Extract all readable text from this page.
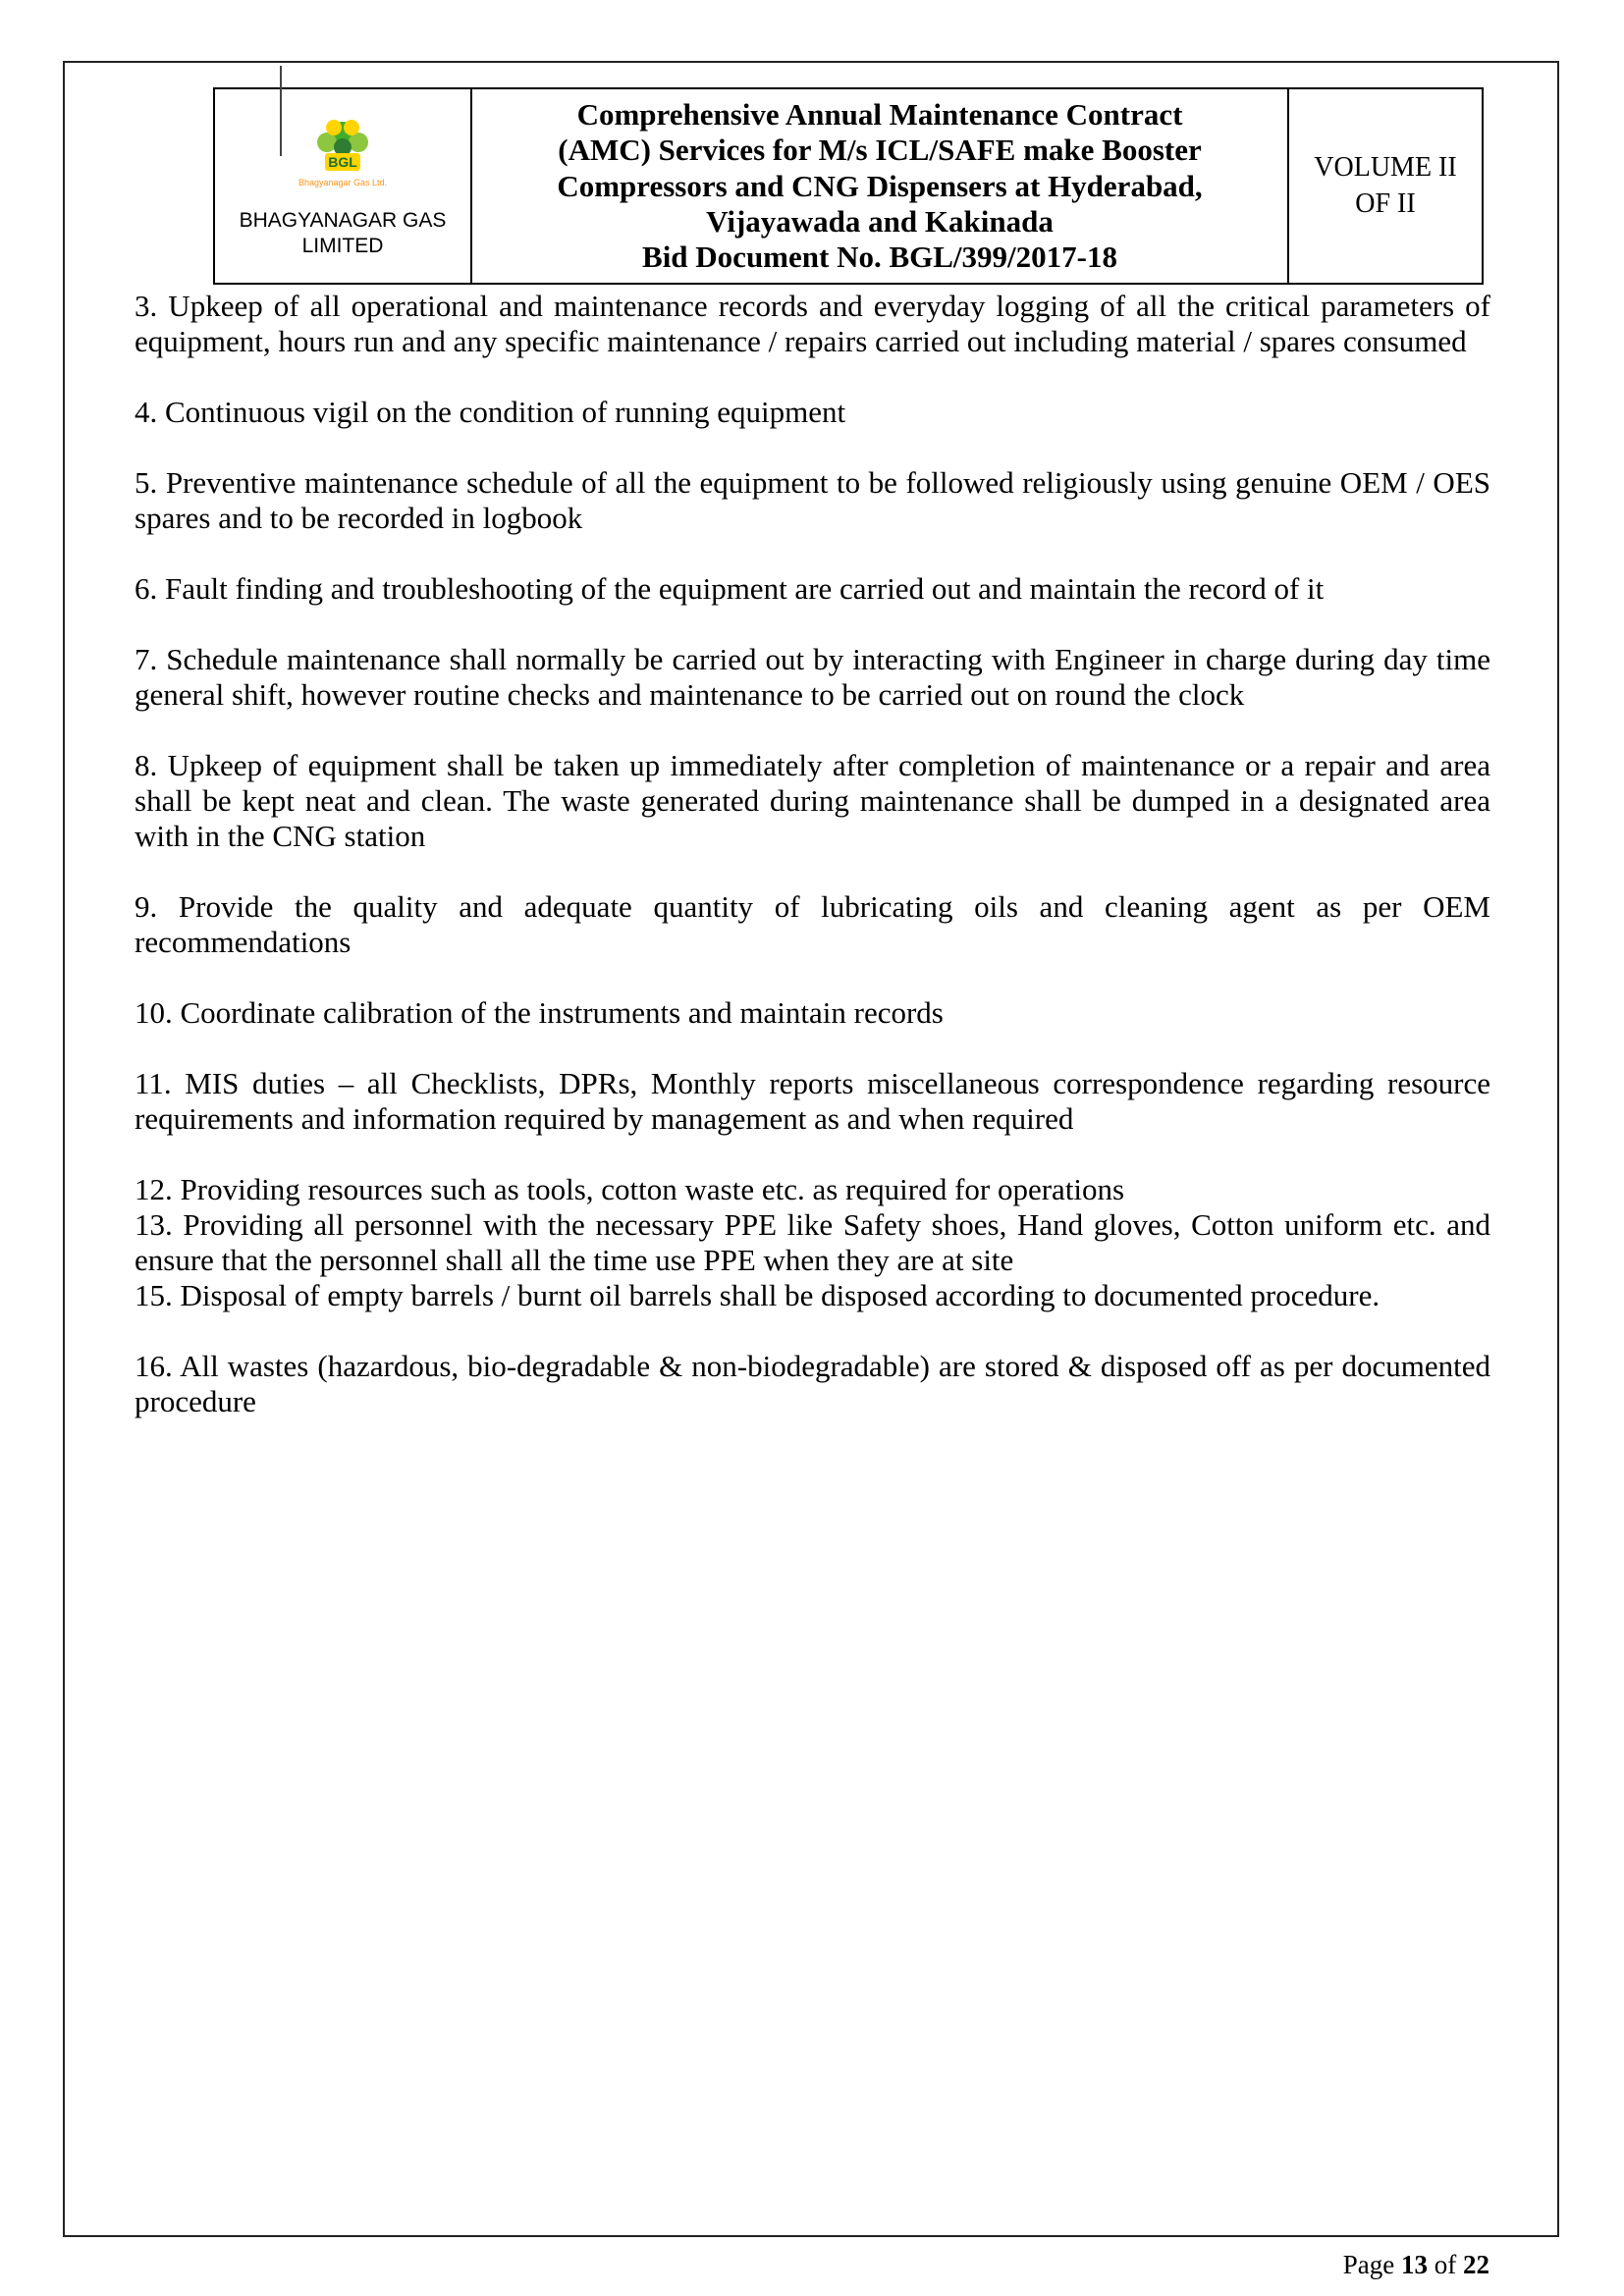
BGL
Bhagyanagar Gas Ltd.
BHAGYANAGAR GAS
LIMITED

Comprehensive Annual Maintenance Contract
(AMC) Services for M/s ICL/SAFE make Booster
Compressors and CNG Dispensers at Hyderabad,
Vijayawada and Kakinada
Bid Document No. BGL/399/2017-18

VOLUME II
OF II

3. Upkeep of all operational and maintenance records and everyday logging of all the critical parameters of equipment, hours run and any specific maintenance / repairs carried out including material / spares consumed

4. Continuous vigil on the condition of running equipment

5. Preventive maintenance schedule of all the equipment to be followed religiously using genuine OEM / OES spares and to be recorded in logbook

6. Fault finding and troubleshooting of the equipment are carried out and maintain the record of it

7. Schedule maintenance shall normally be carried out by interacting with Engineer in charge during day time general shift, however routine checks and maintenance to be carried out on round the clock

8. Upkeep of equipment shall be taken up immediately after completion of maintenance or a repair and area shall be kept neat and clean. The waste generated during maintenance shall be dumped in a designated area with in the CNG station

9. Provide the quality and adequate quantity of lubricating oils and cleaning agent as per OEM recommendations

10. Coordinate calibration of the instruments and maintain records

11. MIS duties – all Checklists, DPRs, Monthly reports miscellaneous correspondence regarding resource requirements and information required by management as and when required

12. Providing resources such as tools, cotton waste etc. as required for operations

13. Providing all personnel with the necessary PPE like Safety shoes, Hand gloves, Cotton uniform etc. and ensure that the personnel shall all the time use PPE when they are at site

15. Disposal of empty barrels / burnt oil barrels shall be disposed according to documented procedure.

16. All wastes (hazardous, bio-degradable & non-biodegradable) are stored & disposed off as per documented procedure

Page 13 of 22
